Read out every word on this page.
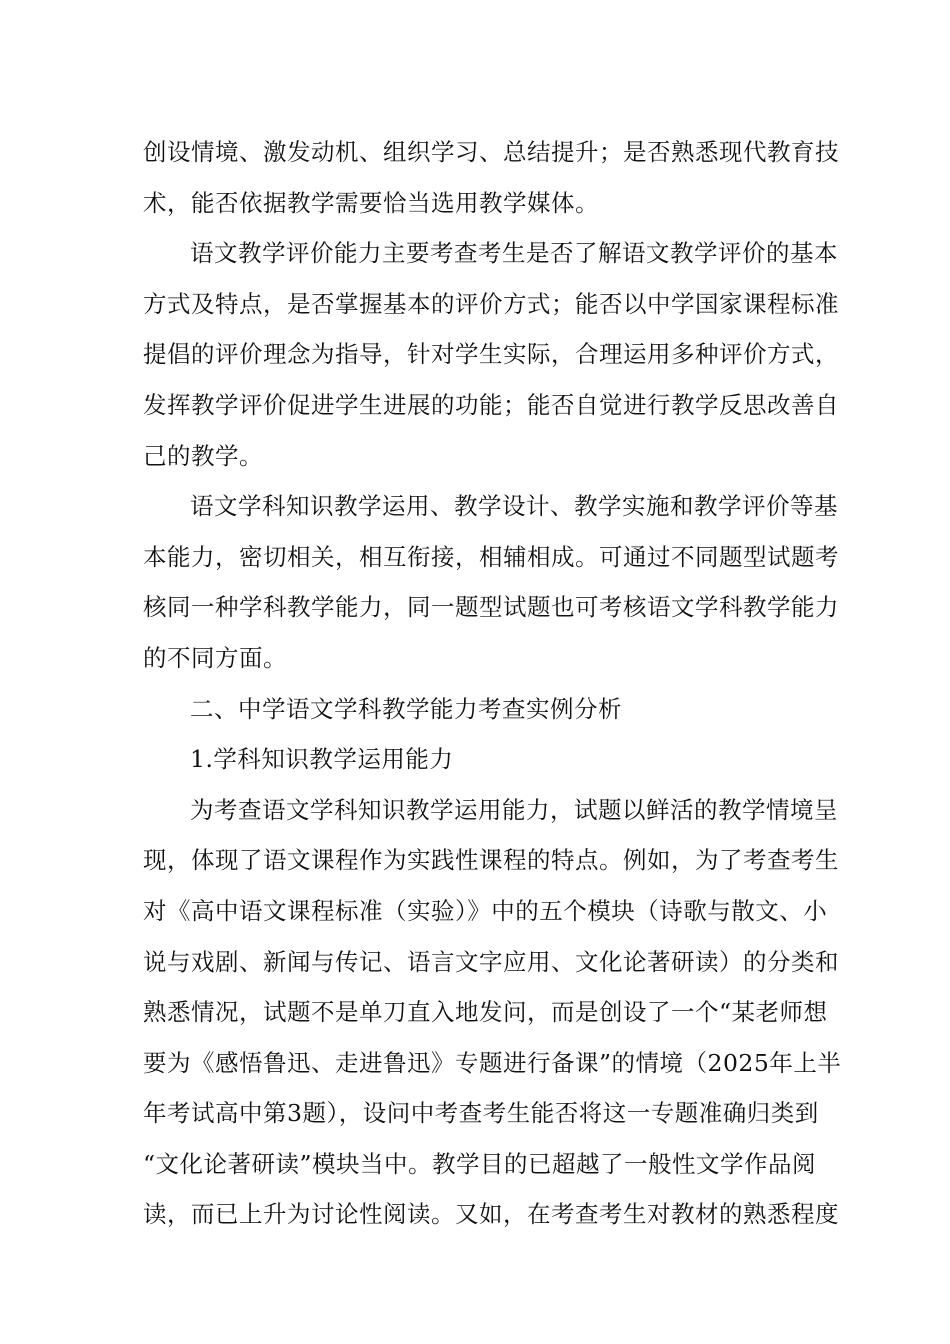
创设情境、激发动机、组织学习、总结提升；是否熟悉现代教育技
术，能否依据教学需要恰当选用教学媒体。
语文教学评价能力主要考查考生是否了解语文教学评价的基本
方式及特点，是否掌握基本的评价方式；能否以中学国家课程标准
提倡的评价理念为指导，针对学生实际，合理运用多种评价方式，
发挥教学评价促进学生进展的功能；能否自觉进行教学反思改善自
己的教学。
语文学科知识教学运用、教学设计、教学实施和教学评价等基
本能力，密切相关，相互衔接，相辅相成。可通过不同题型试题考
核同一种学科教学能力，同一题型试题也可考核语文学科教学能力
的不同方面。
二、中学语文学科教学能力考查实例分析
1.学科知识教学运用能力
为考查语文学科知识教学运用能力，试题以鲜活的教学情境呈
现，体现了语文课程作为实践性课程的特点。例如，为了考查考生
对《高中语文课程标准（实验）》中的五个模块（诗歌与散文、小
说与戏剧、新闻与传记、语言文字应用、文化论著研读）的分类和
熟悉情况，试题不是单刀直入地发问，而是创设了一个“某老师想
要为《感悟鲁迅、走进鲁迅》专题进行备课”的情境（2025年上半
年考试高中第3题），设问中考查考生能否将这一专题准确归类到
“文化论著研读”模块当中。教学目的已超越了一般性文学作品阅
读，而已上升为讨论性阅读。又如，在考查考生对教材的熟悉程度
